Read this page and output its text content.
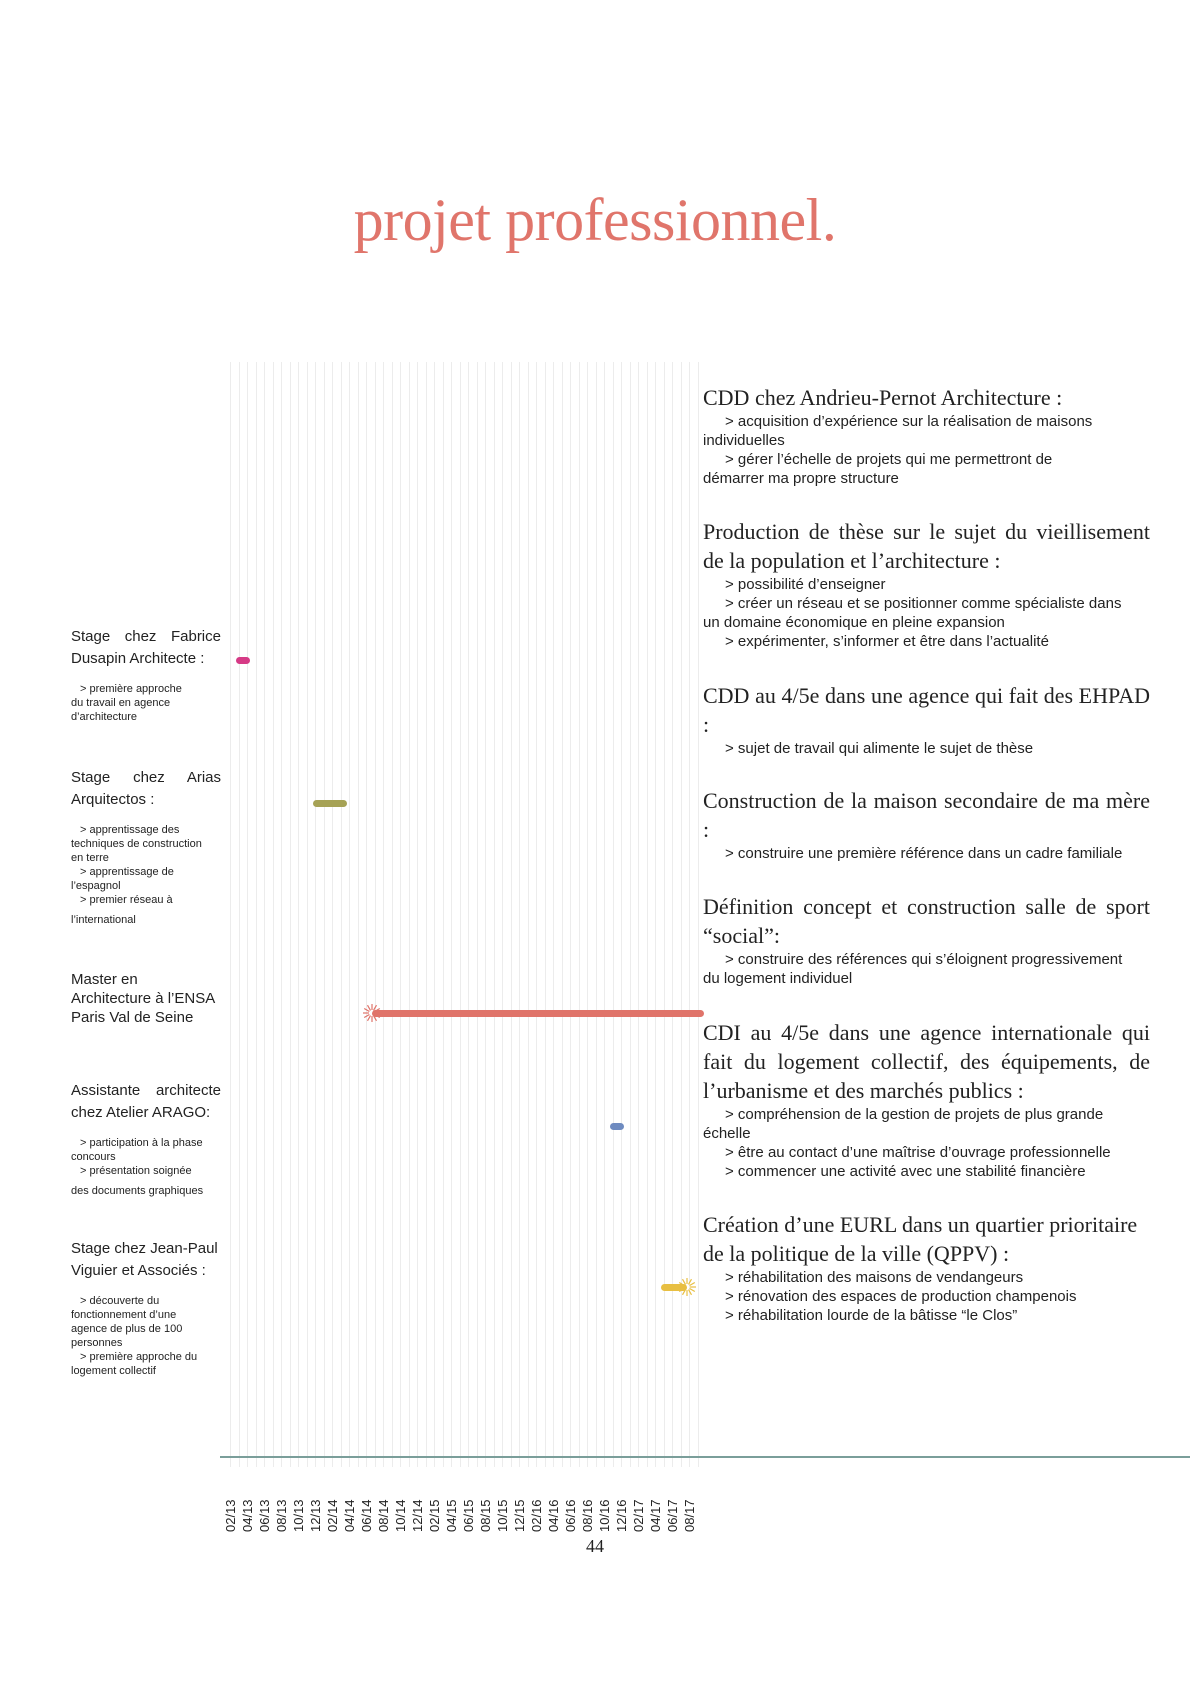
projet professionnel.
02/13 04/13 06/13 08/13 10/13 12/13 02/14 04/14 06/14 08/14 10/14 12/14 02/15 04/15 06/15 08/15 10/15 12/15 02/16 04/16 06/16 08/16 10/16 12/16 02/17 04/17 06/17 08/17
44
Stage chez Fabrice Dusapin Architecte :
> première approche
du travail en agence
d’architecture
Stage chez Arias Arquitectos :
> apprentissage des
techniques de construction
en terre
> apprentissage de
l’espagnol
> premier réseau à
l’international
Master en Architecture à l’ENSA Paris Val de Seine
Assistante architecte chez Atelier ARAGO:
> participation à la phase
concours
> présentation soignée
des documents graphiques
Stage chez Jean-Paul Viguier et Associés :
> découverte du
fonctionnement d’une
agence de plus de 100
personnes
> première approche du
logement collectif
CDD chez Andrieu-Pernot Architecture :
> acquisition d’expérience sur la réalisation de maisons
individuelles
> gérer l’échelle de projets qui me permettront de
démarrer ma propre structure
Production de thèse sur le sujet du vieillisement de la population et l’architecture :
> possibilité d’enseigner
> créer un réseau et se positionner comme spécialiste dans
un domaine économique en pleine expansion
> expérimenter, s’informer et être dans l’actualité
CDD au 4/5e dans une agence qui fait des EHPAD :
> sujet de travail qui alimente le sujet de thèse
Construction de la maison secondaire de ma mère :
> construire une première référence dans un cadre familiale
Définition concept et construction salle de sport “social”:
> construire des références qui s’éloignent progressivement
du logement individuel
CDI au 4/5e dans une agence internationale qui fait du logement collectif, des équipements, de l’urbanisme et des marchés publics :
> compréhension de la gestion de projets de plus grande
échelle
> être au contact d’une maîtrise d’ouvrage professionnelle
> commencer une activité avec une stabilité financière
Création d’une EURL dans un quartier prioritaire de la politique de la ville (QPPV) :
> réhabilitation des maisons de vendangeurs
> rénovation des espaces de production champenois
> réhabilitation lourde de la bâtisse “le Clos”
